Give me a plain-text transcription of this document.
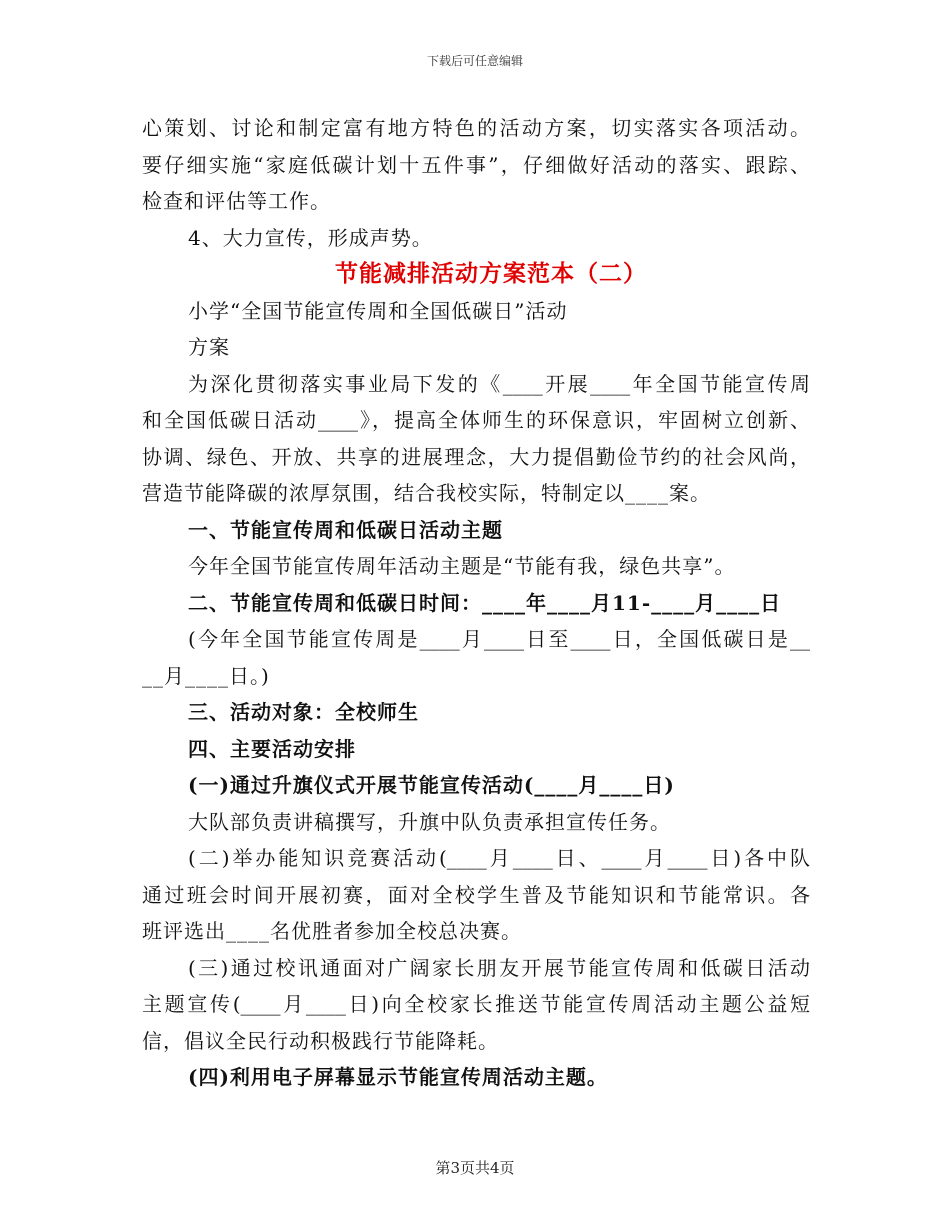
下载后可任意编辑
心策划、讨论和制定富有地方特色的活动方案，切实落实各项活动。
要仔细实施“家庭低碳计划十五件事”，仔细做好活动的落实、跟踪、
检查和评估等工作。
4、大力宣传，形成声势。
节能减排活动方案范本（二）
小学“全国节能宣传周和全国低碳日”活动
方案
为深化贯彻落实事业局下发的《____开展____年全国节能宣传周
和全国低碳日活动____》，提高全体师生的环保意识，牢固树立创新、
协调、绿色、开放、共享的进展理念，大力提倡勤俭节约的社会风尚，
营造节能降碳的浓厚氛围，结合我校实际，特制定以____案。
一、节能宣传周和低碳日活动主题
今年全国节能宣传周年活动主题是“节能有我，绿色共享”。
二、节能宣传周和低碳日时间：____年____月11-____月____日
(今年全国节能宣传周是____月____日至____日，全国低碳日是__
__月____日。)
三、活动对象：全校师生
四、主要活动安排
(一)通过升旗仪式开展节能宣传活动(____月____日)
大队部负责讲稿撰写，升旗中队负责承担宣传任务。
(二)举办能知识竞赛活动(____月____日、____月____日)各中队
通过班会时间开展初赛，面对全校学生普及节能知识和节能常识。各
班评选出____名优胜者参加全校总决赛。
(三)通过校讯通面对广阔家长朋友开展节能宣传周和低碳日活动
主题宣传(____月____日)向全校家长推送节能宣传周活动主题公益短
信，倡议全民行动积极践行节能降耗。
(四)利用电子屏幕显示节能宣传周活动主题。
第3页共4页
